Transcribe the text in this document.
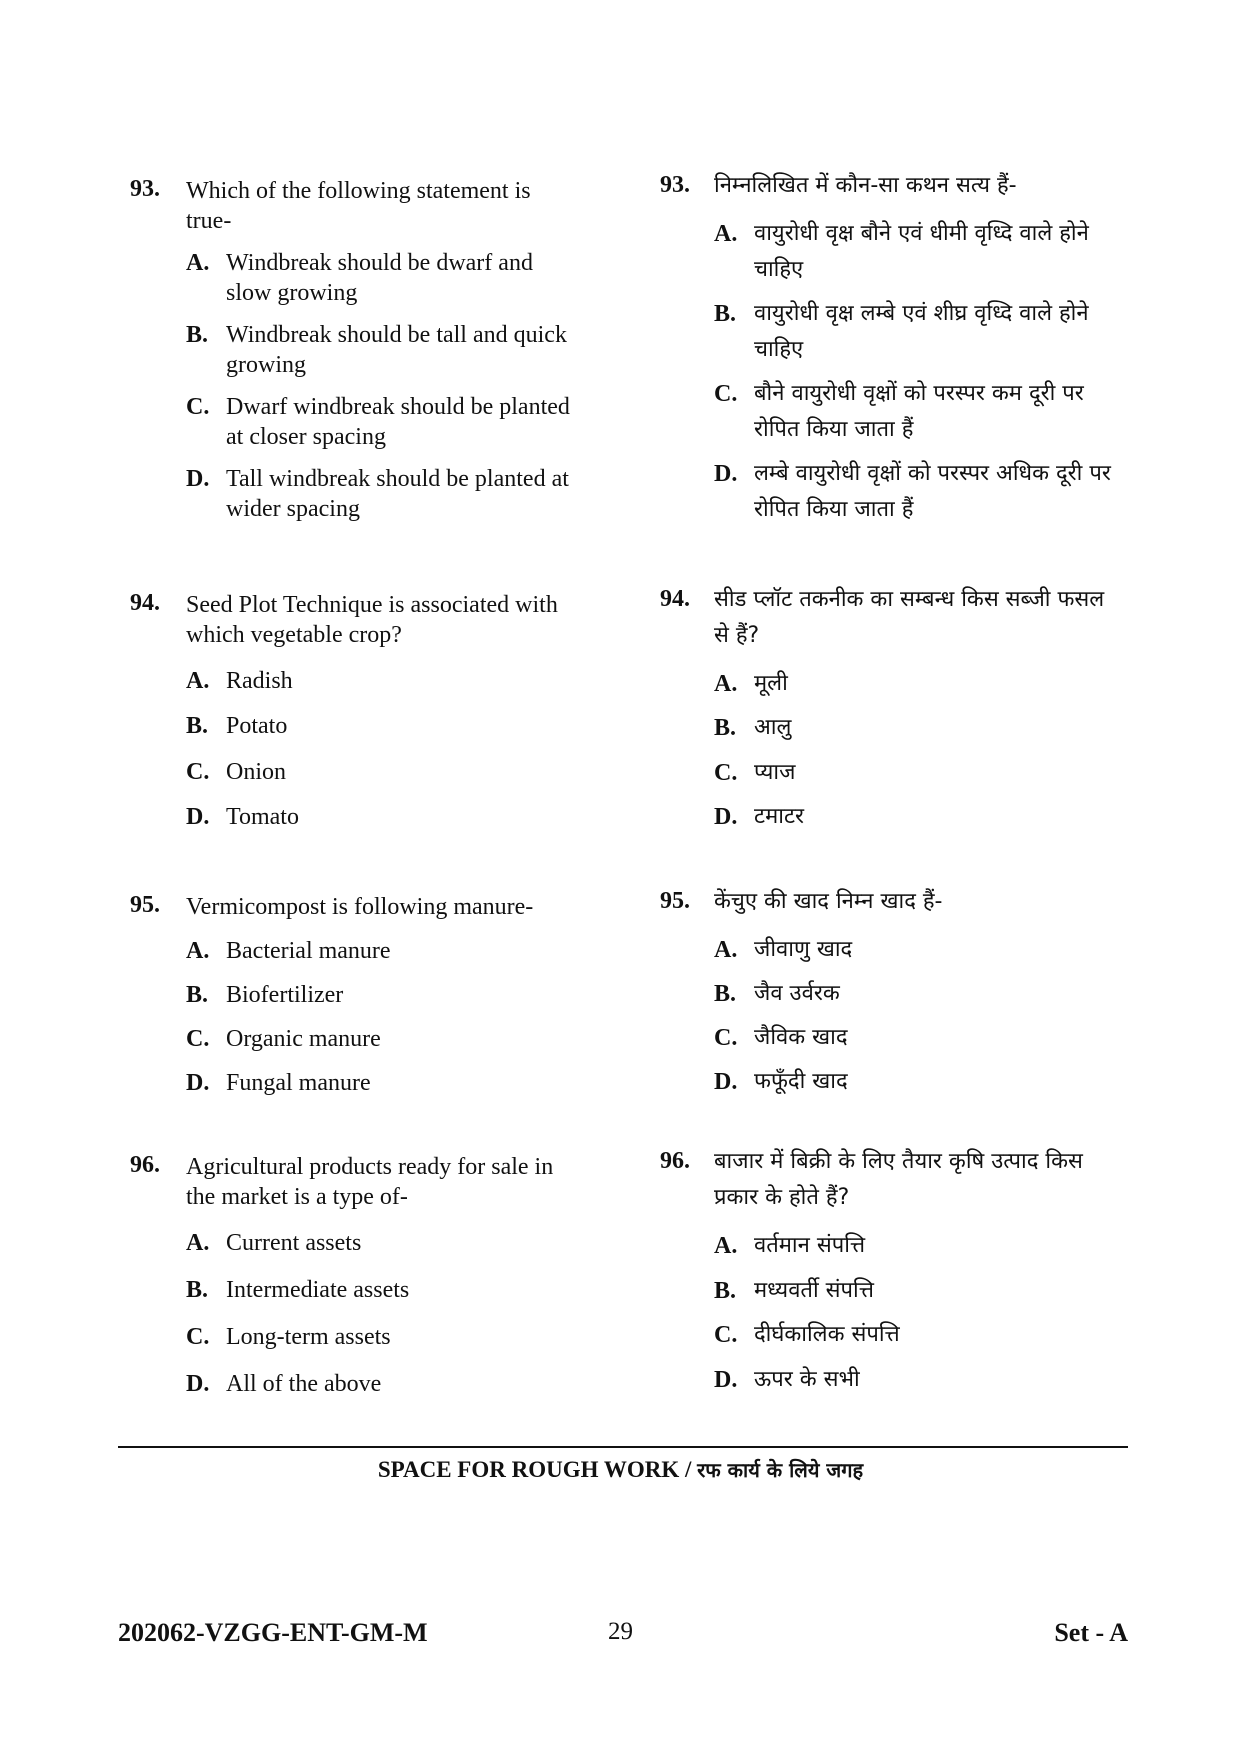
93. Which of the following statement is
true-
A. Windbreak should be dwarf and
slow growing
B. Windbreak should be tall and quick
growing
C. Dwarf windbreak should be planted
at closer spacing
D. Tall windbreak should be planted at
wider spacing
94. Seed Plot Technique is associated with
which vegetable crop?
A. Radish
B. Potato
C. Onion
D. Tomato
95. Vermicompost is following manure-
A. Bacterial manure
B. Biofertilizer
C. Organic manure
D. Fungal manure
96. Agricultural products ready for sale in
the market is a type of-
A. Current assets
B. Intermediate assets
C. Long-term assets
D. All of the above
93. निम्नलिखित में कौन-सा कथन सत्य हैं-
A. वायुरोधी वृक्ष बौने एवं धीमी वृध्दि वाले होने
चाहिए
B. वायुरोधी वृक्ष लम्बे एवं शीघ्र वृध्दि वाले होने
चाहिए
C. बौने वायुरोधी वृक्षों को परस्पर कम दूरी पर
रोपित किया जाता हैं
D. लम्बे वायुरोधी वृक्षों को परस्पर अधिक दूरी पर
रोपित किया जाता हैं
94. सीड प्लॉट तकनीक का सम्बन्ध किस सब्जी फसल
से हैं?
A. मूली
B. आलु
C. प्याज
D. टमाटर
95. केंचुए की खाद निम्न खाद हैं-
A. जीवाणु खाद
B. जैव उर्वरक
C. जैविक खाद
D. फफूँदी खाद
96. बाजार में बिक्री के लिए तैयार कृषि उत्पाद किस
प्रकार के होते हैं?
A. वर्तमान संपत्ति
B. मध्यवर्ती संपत्ति
C. दीर्घकालिक संपत्ति
D. ऊपर के सभी
SPACE FOR ROUGH WORK / रफ कार्य के लिये जगह
202062-VZGG-ENT-GM-M	29	Set - A
